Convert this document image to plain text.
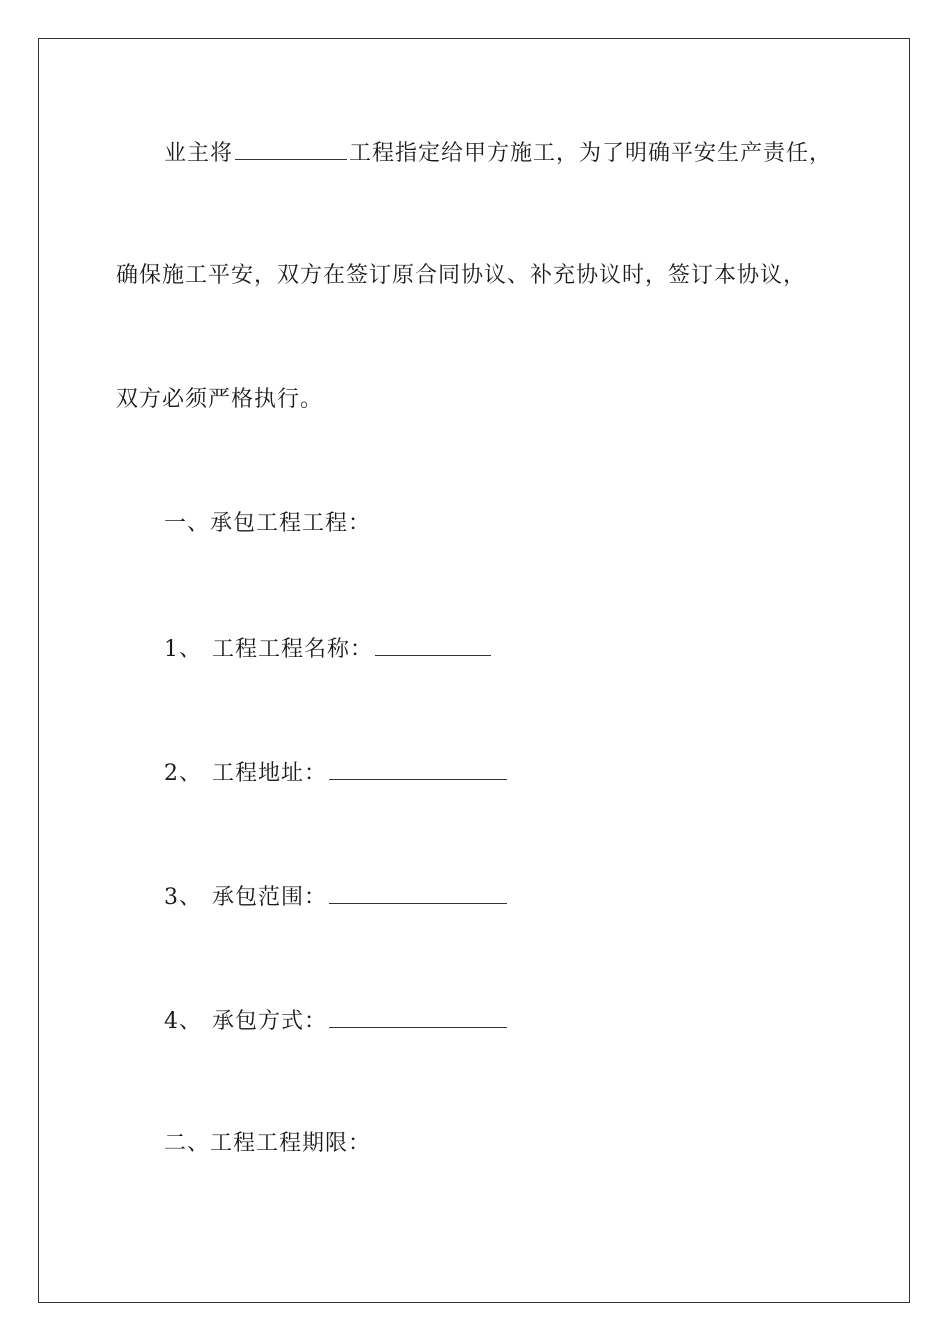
业主将	工程指定给甲方施工，为了明确平安生产责任，
确保施工平安，双方在签订原合同协议、补充协议时，签订本协议，
双方必须严格执行。
一、承包工程工程：
1、 工程工程名称：
2、 工程地址：
3、 承包范围：
4、 承包方式：
二、工程工程期限：
